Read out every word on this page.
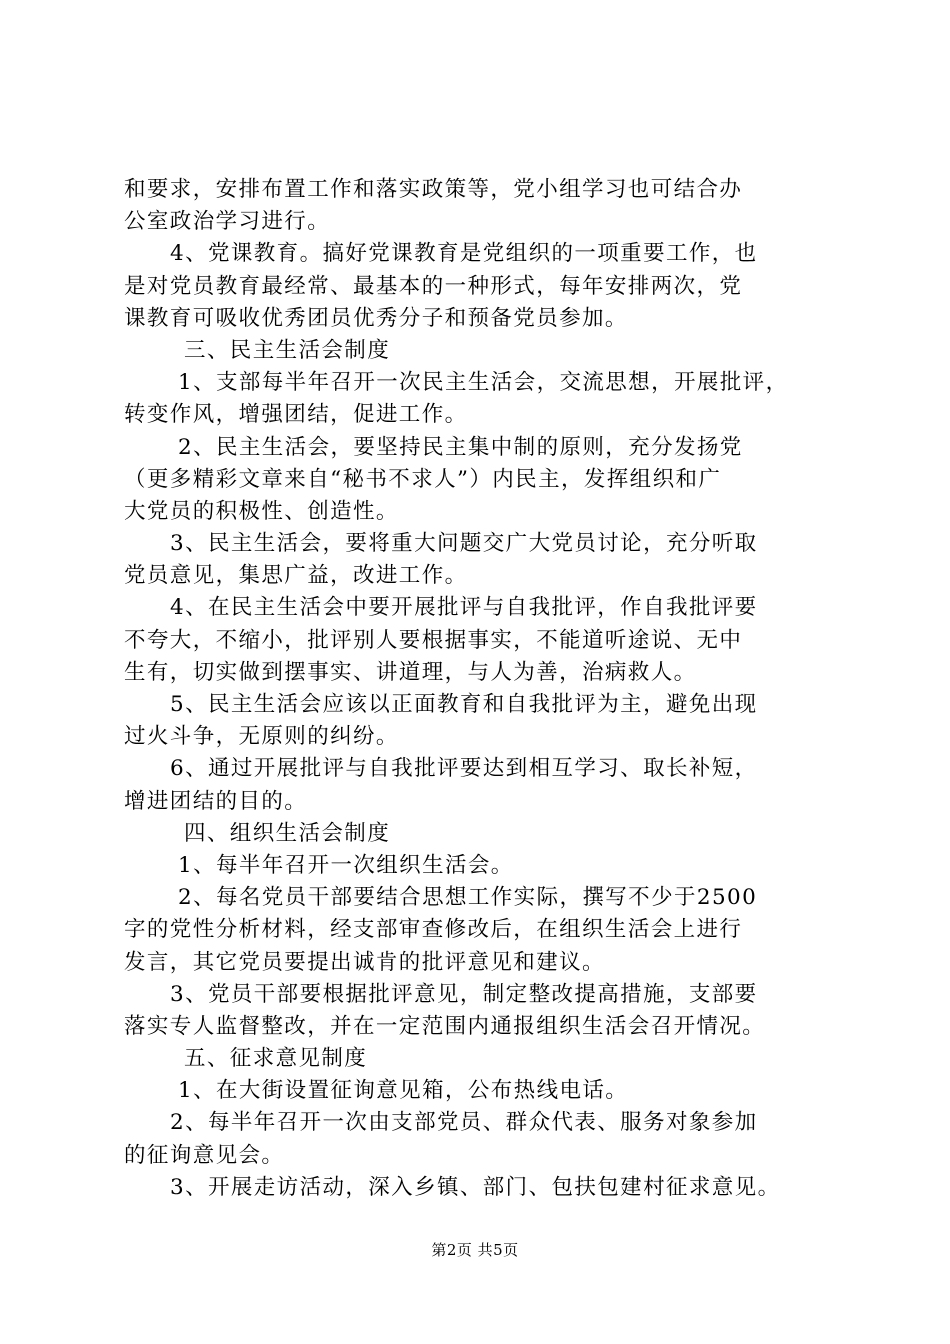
和要求，安排布置工作和落实政策等，党小组学习也可结合办
公室政治学习进行。
4、党课教育。搞好党课教育是党组织的一项重要工作，也
是对党员教育最经常、最基本的一种形式，每年安排两次，党
课教育可吸收优秀团员优秀分子和预备党员参加。
三、民主生活会制度
1、支部每半年召开一次民主生活会，交流思想，开展批评，
转变作风，增强团结，促进工作。
2、民主生活会，要坚持民主集中制的原则，充分发扬党
（更多精彩文章来自“秘书不求人”）内民主，发挥组织和广
大党员的积极性、创造性。
3、民主生活会，要将重大问题交广大党员讨论，充分听取
党员意见，集思广益，改进工作。
4、在民主生活会中要开展批评与自我批评，作自我批评要
不夸大，不缩小，批评别人要根据事实，不能道听途说、无中
生有，切实做到摆事实、讲道理，与人为善，治病救人。
5、民主生活会应该以正面教育和自我批评为主，避免出现
过火斗争，无原则的纠纷。
6、通过开展批评与自我批评要达到相互学习、取长补短，
增进团结的目的。
四、组织生活会制度
1、每半年召开一次组织生活会。
2、每名党员干部要结合思想工作实际，撰写不少于2500
字的党性分析材料，经支部审查修改后，在组织生活会上进行
发言，其它党员要提出诚肯的批评意见和建议。
3、党员干部要根据批评意见，制定整改提高措施，支部要
落实专人监督整改，并在一定范围内通报组织生活会召开情况。
五、征求意见制度
1、在大街设置征询意见箱，公布热线电话。
2、每半年召开一次由支部党员、群众代表、服务对象参加
的征询意见会。
3、开展走访活动，深入乡镇、部门、包扶包建村征求意见。
第2页 共5页
